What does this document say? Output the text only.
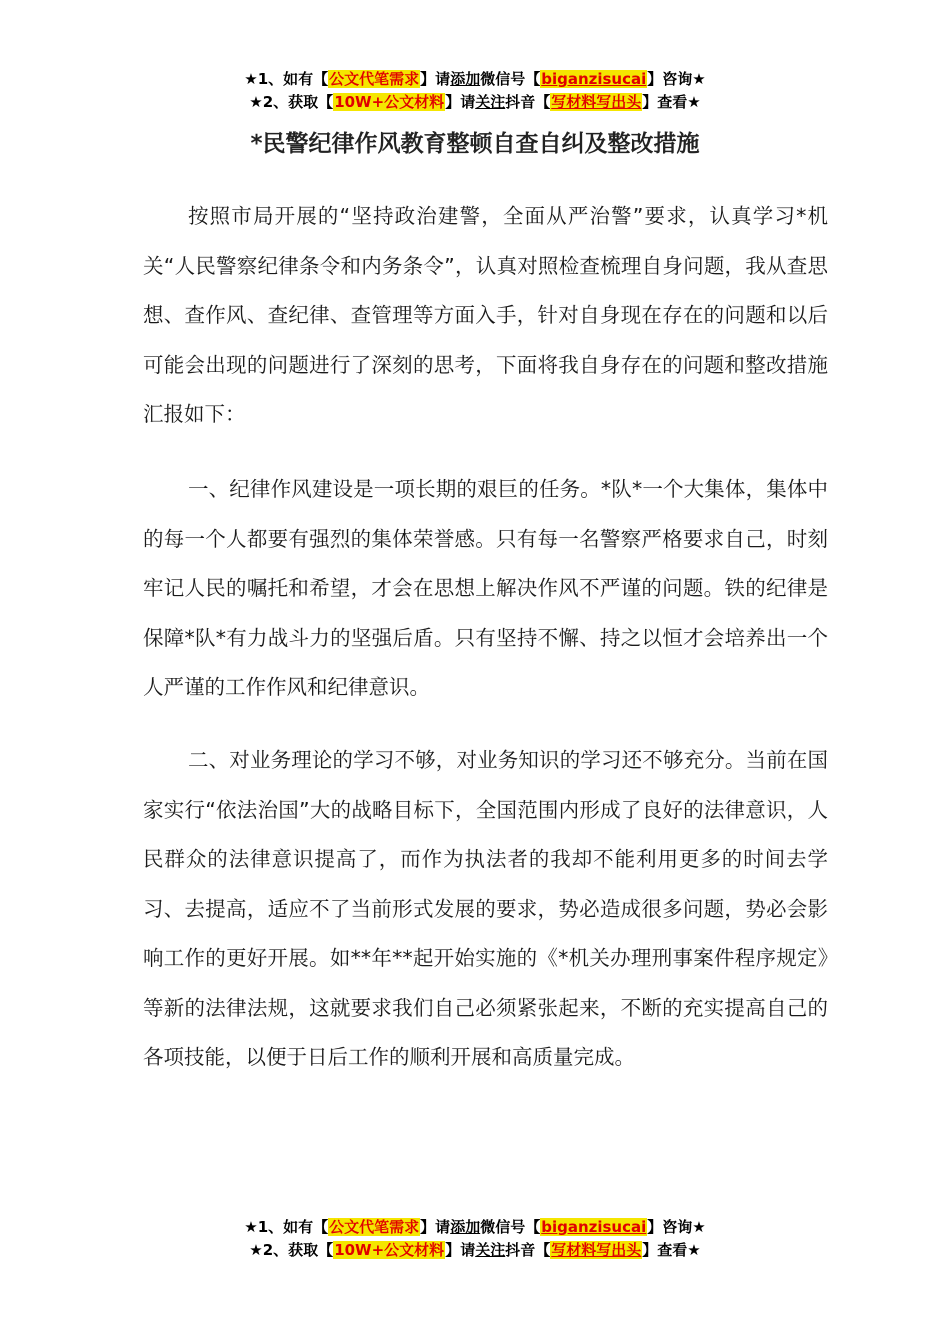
★1、如有【公文代笔需求】请添加微信号【biganzisucai】咨询★
★2、获取【10W+公文材料】请关注抖音【写材料写出头】查看★
*民警纪律作风教育整顿自查自纠及整改措施

按照市局开展的“坚持政治建警，全面从严治警”要求，认真学习*机关“人民警察纪律条令和内务条令”，认真对照检查梳理自身问题，我从查思想、查作风、查纪律、查管理等方面入手，针对自身现在存在的问题和以后可能会出现的问题进行了深刻的思考，下面将我自身存在的问题和整改措施汇报如下：

一、纪律作风建设是一项长期的艰巨的任务。*队*一个大集体，集体中的每一个人都要有强烈的集体荣誉感。只有每一名警察严格要求自己，时刻牢记人民的嘱托和希望，才会在思想上解决作风不严谨的问题。铁的纪律是保障*队*有力战斗力的坚强后盾。只有坚持不懈、持之以恒才会培养出一个人严谨的工作作风和纪律意识。

二、对业务理论的学习不够，对业务知识的学习还不够充分。当前在国家实行“依法治国”大的战略目标下，全国范围内形成了良好的法律意识，人民群众的法律意识提高了，而作为执法者的我却不能利用更多的时间去学习、去提高，适应不了当前形式发展的要求，势必造成很多问题，势必会影响工作的更好开展。如**年**起开始实施的《*机关办理刑事案件程序规定》等新的法律法规，这就要求我们自己必须紧张起来，不断的充实提高自己的各项技能，以便于日后工作的顺利开展和高质量完成。

★1、如有【公文代笔需求】请添加微信号【biganzisucai】咨询★
★2、获取【10W+公文材料】请关注抖音【写材料写出头】查看★
